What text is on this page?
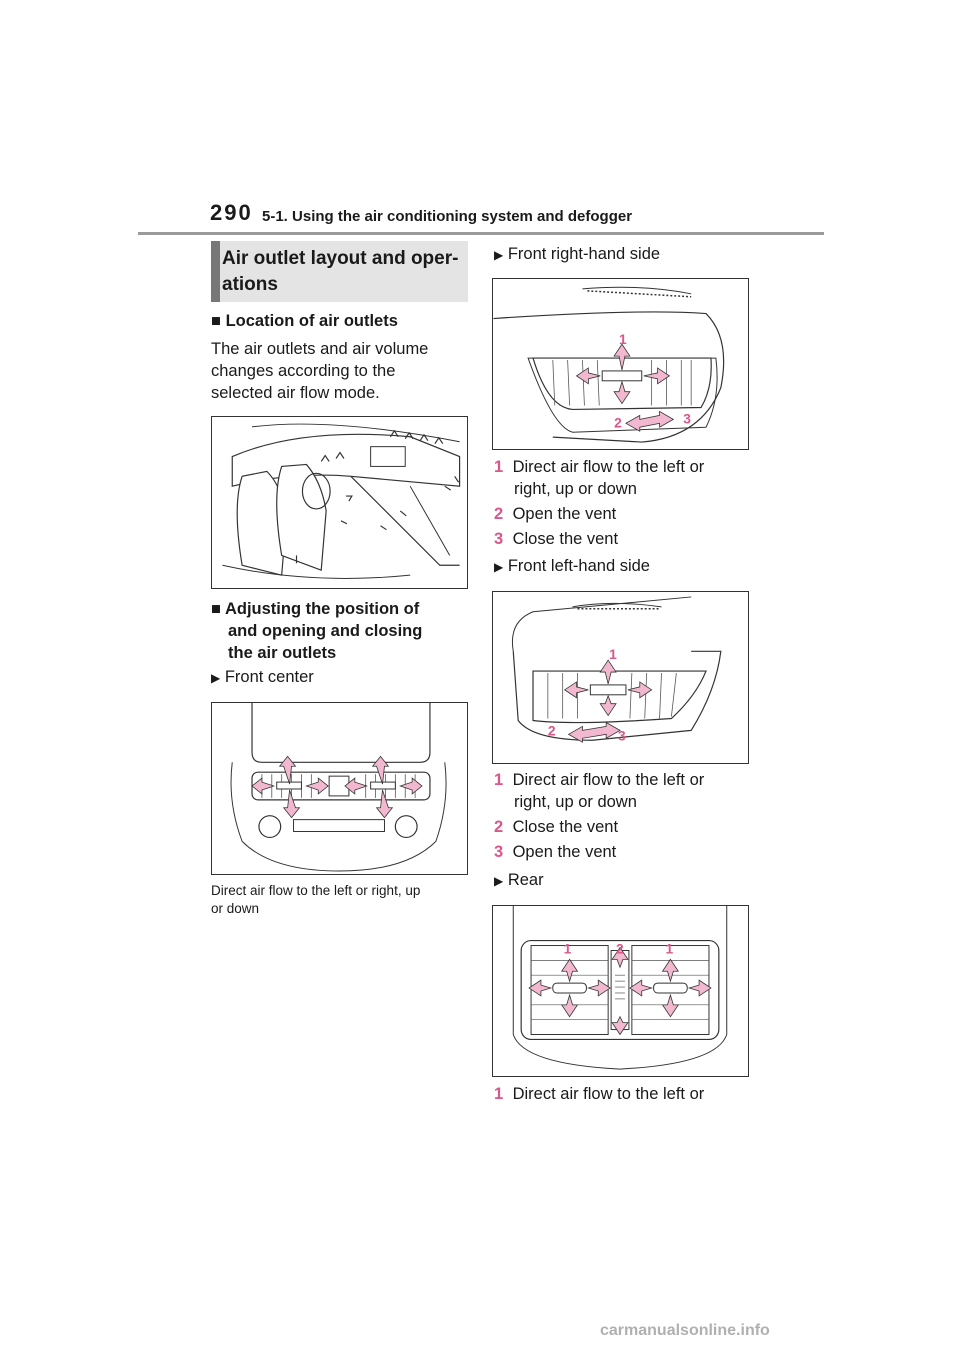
290 5-1. Using the air conditioning system and defogger
Air outlet layout and oper-ations
■ Location of air outlets
The air outlets and air volume
changes according to the
selected air flow mode.
■ Adjusting the position of
and opening and closing
the air outlets
▶ Front center
Direct air flow to the left or right, up
or down
▶ Front right-hand side
1
2	3
1 Direct air flow to the left or
right, up or down
2 Open the vent
3 Close the vent
▶ Front left-hand side
1
2	3
1 Direct air flow to the left or
right, up or down
2 Close the vent
3 Open the vent
▶ Rear
1	2	1
1 Direct air flow to the left or
carmanualsonline.info
